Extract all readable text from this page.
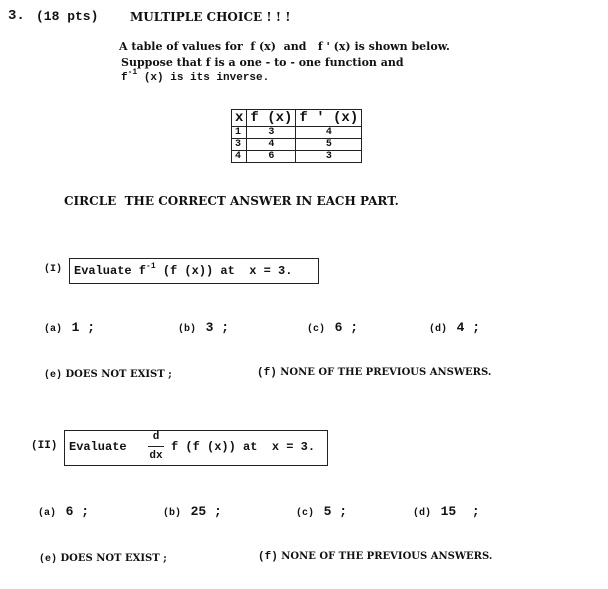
3. (18 pts)	MULTIPLE CHOICE ! ! !
A table of values for  f (x)  and   f ' (x) is shown below.
Suppose that f is a one - to - one function and
$f^{-1}$ (x) is its inverse.
x	f (x)	f ' (x)
1	3	4
3	4	5
4	6	3
CIRCLE  THE CORRECT ANSWER IN EACH PART.
(I) Evaluate $f^{-1}$ (f (x)) at  x = 3.
(a) 1 ;	(b) 3 ;	(c) 6 ;	(d) 4 ;
(e) DOES NOT EXIST ;	(f) NONE OF THE PREVIOUS ANSWERS.
(II) Evaluate
d
dx
f (f (x)) at  x = 3.
(a) 6 ;	(b) 25 ;	(c) 5 ;	(d) 15  ;
(e) DOES NOT EXIST ;	(f) NONE OF THE PREVIOUS ANSWERS.
